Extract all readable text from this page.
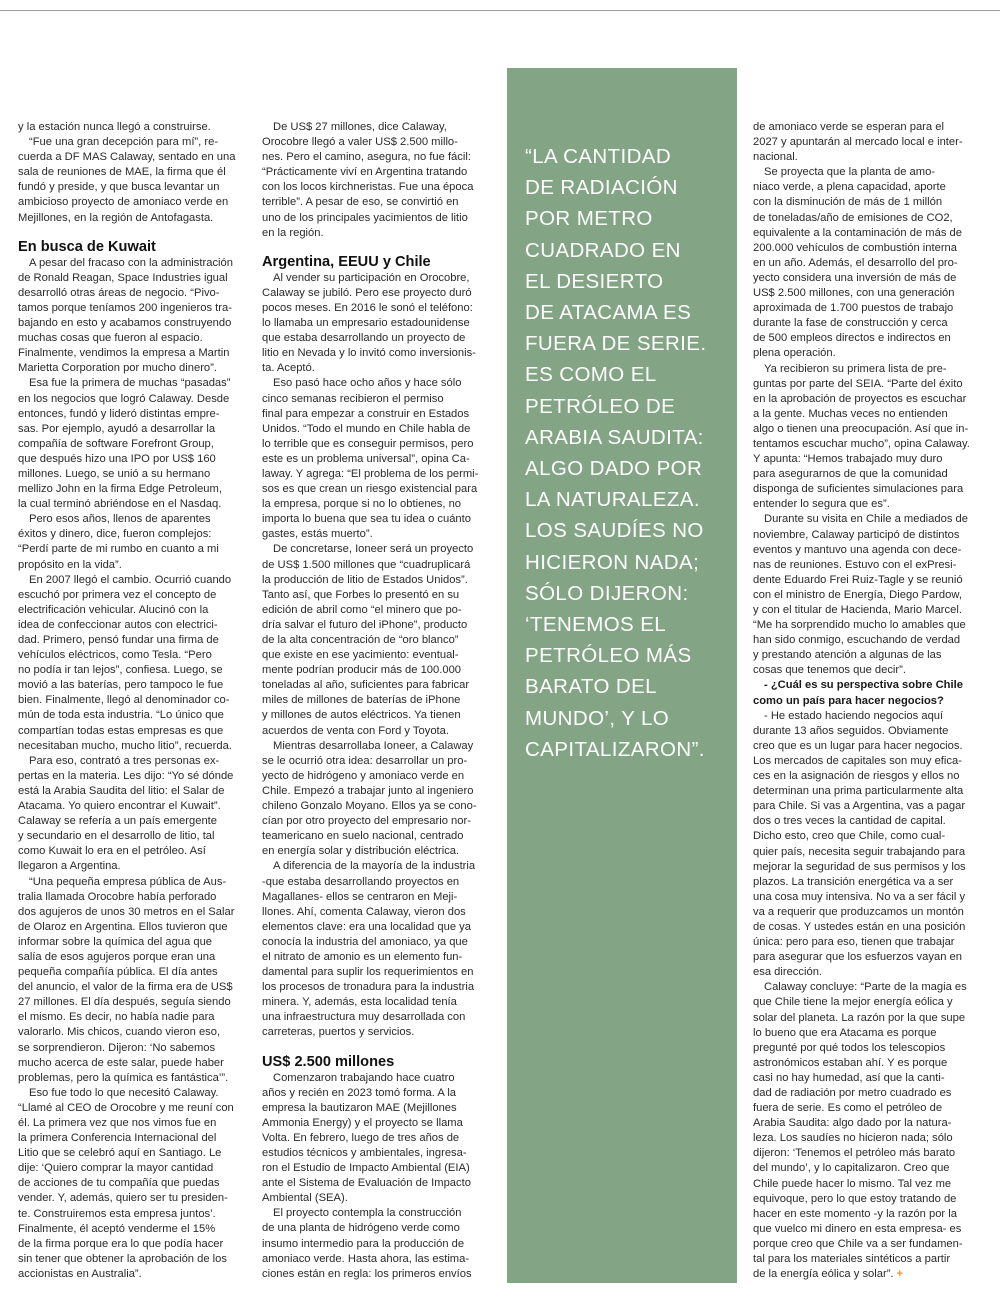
y la estación nunca llegó a construirse.
“Fue una gran decepción para mí”, re-
cuerda a DF MAS Calaway, sentado en una
sala de reuniones de MAE, la firma que él
fundó y preside, y que busca levantar un
ambicioso proyecto de amoniaco verde en
Mejillones, en la región de Antofagasta.
En busca de Kuwait
A pesar del fracaso con la administración
de Ronald Reagan, Space Industries igual
desarrolló otras áreas de negocio. “Pivo-
tamos porque teníamos 200 ingenieros tra-
bajando en esto y acabamos construyendo
muchas cosas que fueron al espacio.
Finalmente, vendimos la empresa a Martin
Marietta Corporation por mucho dinero”.
Esa fue la primera de muchas “pasadas”
en los negocios que logró Calaway. Desde
entonces, fundó y lideró distintas empre-
sas. Por ejemplo, ayudó a desarrollar la
compañía de software Forefront Group,
que después hizo una IPO por US$ 160
millones. Luego, se unió a su hermano
mellizo John en la firma Edge Petroleum,
la cual terminó abriéndose en el Nasdaq.
Pero esos años, llenos de aparentes
éxitos y dinero, dice, fueron complejos:
“Perdí parte de mi rumbo en cuanto a mi
propósito en la vida”.
En 2007 llegó el cambio. Ocurrió cuando
escuchó por primera vez el concepto de
electrificación vehicular. Alucinó con la
idea de confeccionar autos con electrici-
dad. Primero, pensó fundar una firma de
vehículos eléctricos, como Tesla. “Pero
no podía ir tan lejos”, confiesa. Luego, se
movió a las baterías, pero tampoco le fue
bien. Finalmente, llegó al denominador co-
mún de toda esta industria. “Lo único que
compartían todas estas empresas es que
necesitaban mucho, mucho litio”, recuerda.
Para eso, contrató a tres personas ex-
pertas en la materia. Les dijo: “Yo sé dónde
está la Arabia Saudita del litio: el Salar de
Atacama. Yo quiero encontrar el Kuwait”.
Calaway se refería a un país emergente
y secundario en el desarrollo de litio, tal
como Kuwait lo era en el petróleo. Así
llegaron a Argentina.
“Una pequeña empresa pública de Aus-
tralia llamada Orocobre había perforado
dos agujeros de unos 30 metros en el Salar
de Olaroz en Argentina. Ellos tuvieron que
informar sobre la química del agua que
salía de esos agujeros porque eran una
pequeña compañía pública. El día antes
del anuncio, el valor de la firma era de US$
27 millones. El día después, seguía siendo
el mismo. Es decir, no había nadie para
valorarlo. Mis chicos, cuando vieron eso,
se sorprendieron. Dijeron: ‘No sabemos
mucho acerca de este salar, puede haber
problemas, pero la química es fantástica’”.
Eso fue todo lo que necesitó Calaway.
“Llamé al CEO de Orocobre y me reuní con
él. La primera vez que nos vimos fue en
la primera Conferencia Internacional del
Litio que se celebró aquí en Santiago. Le
dije: ‘Quiero comprar la mayor cantidad
de acciones de tu compañía que puedas
vender. Y, además, quiero ser tu presiden-
te. Construiremos esta empresa juntos’.
Finalmente, él aceptó venderme el 15%
de la firma porque era lo que podía hacer
sin tener que obtener la aprobación de los
accionistas en Australia”.
De US$ 27 millones, dice Calaway,
Orocobre llegó a valer US$ 2.500 millo-
nes. Pero el camino, asegura, no fue fácil:
“Prácticamente viví en Argentina tratando
con los locos kirchneristas. Fue una época
terrible”. A pesar de eso, se convirtió en
uno de los principales yacimientos de litio
en la región.
Argentina, EEUU y Chile
Al vender su participación en Orocobre,
Calaway se jubiló. Pero ese proyecto duró
pocos meses. En 2016 le sonó el teléfono:
lo llamaba un empresario estadounidense
que estaba desarrollando un proyecto de
litio en Nevada y lo invitó como inversionis-
ta. Aceptó.
Eso pasó hace ocho años y hace sólo
cinco semanas recibieron el permiso
final para empezar a construir en Estados
Unidos. “Todo el mundo en Chile habla de
lo terrible que es conseguir permisos, pero
este es un problema universal”, opina Ca-
laway. Y agrega: “El problema de los permi-
sos es que crean un riesgo existencial para
la empresa, porque si no lo obtienes, no
importa lo buena que sea tu idea o cuánto
gastes, estás muerto”.
De concretarse, Ioneer será un proyecto
de US$ 1.500 millones que “cuadruplicará
la producción de litio de Estados Unidos”.
Tanto así, que Forbes lo presentó en su
edición de abril como “el minero que po-
dría salvar el futuro del iPhone”, producto
de la alta concentración de “oro blanco”
que existe en ese yacimiento: eventual-
mente podrían producir más de 100.000
toneladas al año, suficientes para fabricar
miles de millones de baterías de iPhone
y millones de autos eléctricos. Ya tienen
acuerdos de venta con Ford y Toyota.
Mientras desarrollaba Ioneer, a Calaway
se le ocurrió otra idea: desarrollar un pro-
yecto de hidrógeno y amoniaco verde en
Chile. Empezó a trabajar junto al ingeniero
chileno Gonzalo Moyano. Ellos ya se cono-
cían por otro proyecto del empresario nor-
teamericano en suelo nacional, centrado
en energía solar y distribución eléctrica.
A diferencia de la mayoría de la industria
-que estaba desarrollando proyectos en
Magallanes- ellos se centraron en Meji-
llones. Ahí, comenta Calaway, vieron dos
elementos clave: era una localidad que ya
conocía la industria del amoniaco, ya que
el nitrato de amonio es un elemento fun-
damental para suplir los requerimientos en
los procesos de tronadura para la industria
minera. Y, además, esta localidad tenía
una infraestructura muy desarrollada con
carreteras, puertos y servicios.
US$ 2.500 millones
Comenzaron trabajando hace cuatro
años y recién en 2023 tomó forma. A la
empresa la bautizaron MAE (Mejillones
Ammonia Energy) y el proyecto se llama
Volta. En febrero, luego de tres años de
estudios técnicos y ambientales, ingresa-
ron el Estudio de Impacto Ambiental (EIA)
ante el Sistema de Evaluación de Impacto
Ambiental (SEA).
El proyecto contempla la construcción
de una planta de hidrógeno verde como
insumo intermedio para la producción de
amoniaco verde. Hasta ahora, las estima-
ciones están en regla: los primeros envíos
“LA CANTIDAD
DE RADIACIÓN
POR METRO
CUADRADO EN
EL DESIERTO
DE ATACAMA ES
FUERA DE SERIE.
ES COMO EL
PETRÓLEO DE
ARABIA SAUDITA:
ALGO DADO POR
LA NATURALEZA.
LOS SAUDÍES NO
HICIERON NADA;
SÓLO DIJERON:
‘TENEMOS EL
PETRÓLEO MÁS
BARATO DEL
MUNDO’, Y LO
CAPITALIZARON”.
de amoniaco verde se esperan para el
2027 y apuntarán al mercado local e inter-
nacional.
Se proyecta que la planta de amo-
niaco verde, a plena capacidad, aporte
con la disminución de más de 1 millón
de toneladas/año de emisiones de CO2,
equivalente a la contaminación de más de
200.000 vehículos de combustión interna
en un año. Además, el desarrollo del pro-
yecto considera una inversión de más de
US$ 2.500 millones, con una generación
aproximada de 1.700 puestos de trabajo
durante la fase de construcción y cerca
de 500 empleos directos e indirectos en
plena operación.
Ya recibieron su primera lista de pre-
guntas por parte del SEIA. “Parte del éxito
en la aprobación de proyectos es escuchar
a la gente. Muchas veces no entienden
algo o tienen una preocupación. Así que in-
tentamos escuchar mucho”, opina Calaway.
Y apunta: “Hemos trabajado muy duro
para asegurarnos de que la comunidad
disponga de suficientes simulaciones para
entender lo segura que es”.
Durante su visita en Chile a mediados de
noviembre, Calaway participó de distintos
eventos y mantuvo una agenda con dece-
nas de reuniones. Estuvo con el exPresi-
dente Eduardo Frei Ruiz-Tagle y se reunió
con el ministro de Energía, Diego Pardow,
y con el titular de Hacienda, Mario Marcel.
“Me ha sorprendido mucho lo amables que
han sido conmigo, escuchando de verdad
y prestando atención a algunas de las
cosas que tenemos que decir”.
- ¿Cuál es su perspectiva sobre Chile
como un país para hacer negocios?
- He estado haciendo negocios aquí
durante 13 años seguidos. Obviamente
creo que es un lugar para hacer negocios.
Los mercados de capitales son muy efica-
ces en la asignación de riesgos y ellos no
determinan una prima particularmente alta
para Chile. Si vas a Argentina, vas a pagar
dos o tres veces la cantidad de capital.
Dicho esto, creo que Chile, como cual-
quier país, necesita seguir trabajando para
mejorar la seguridad de sus permisos y los
plazos. La transición energética va a ser
una cosa muy intensiva. No va a ser fácil y
va a requerir que produzcamos un montón
de cosas. Y ustedes están en una posición
única: pero para eso, tienen que trabajar
para asegurar que los esfuerzos vayan en
esa dirección.
Calaway concluye: “Parte de la magia es
que Chile tiene la mejor energía eólica y
solar del planeta. La razón por la que supe
lo bueno que era Atacama es porque
pregunté por qué todos los telescopios
astronómicos estaban ahí. Y es porque
casi no hay humedad, así que la canti-
dad de radiación por metro cuadrado es
fuera de serie. Es como el petróleo de
Arabia Saudita: algo dado por la natura-
leza. Los saudíes no hicieron nada; sólo
dijeron: ‘Tenemos el petróleo más barato
del mundo’, y lo capitalizaron. Creo que
Chile puede hacer lo mismo. Tal vez me
equivoque, pero lo que estoy tratando de
hacer en este momento -y la razón por la
que vuelco mi dinero en esta empresa- es
porque creo que Chile va a ser fundamen-
tal para los materiales sintéticos a partir
de la energía eólica y solar”. +
